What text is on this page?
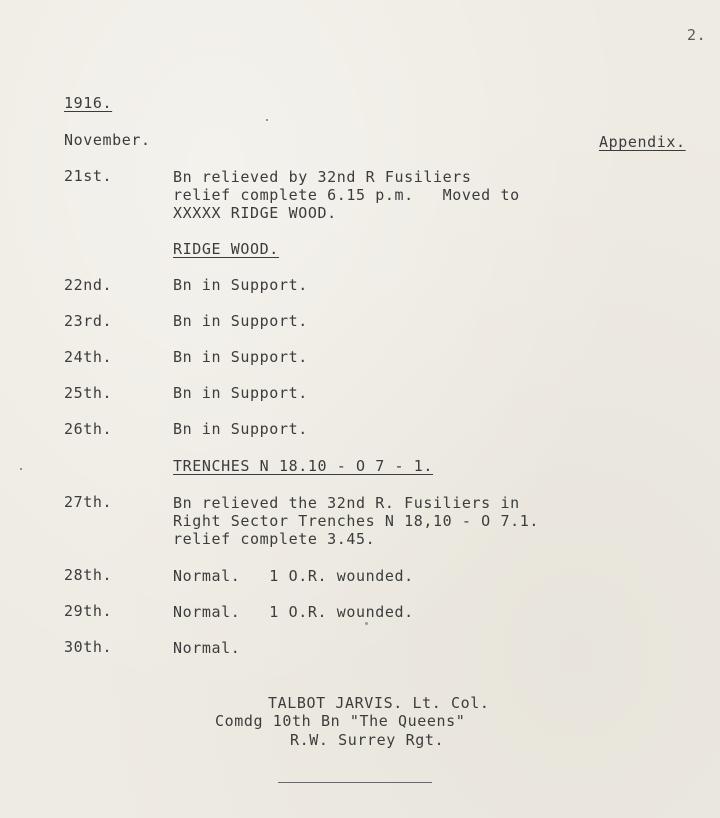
2.
1916.
November.	Appendix.
21st.	Bn relieved by 32nd R Fusiliers
relief complete 6.15 p.m.   Moved to
XXXXX RIDGE WOOD.
RIDGE WOOD.
22nd.	Bn in Support.
23rd.	Bn in Support.
24th.	Bn in Support.
25th.	Bn in Support.
26th.	Bn in Support.
TRENCHES N 18.10 - O 7 - 1.
27th.	Bn relieved the 32nd R. Fusiliers in
Right Sector Trenches N 18,10 - O 7.1.
relief complete 3.45.
28th.	Normal.   1 O.R. wounded.
29th.	Normal.   1 O.R. wounded.
30th.	Normal.
TALBOT JARVIS. Lt. Col.
Comdg 10th Bn "The Queens"
R.W. Surrey Rgt.
